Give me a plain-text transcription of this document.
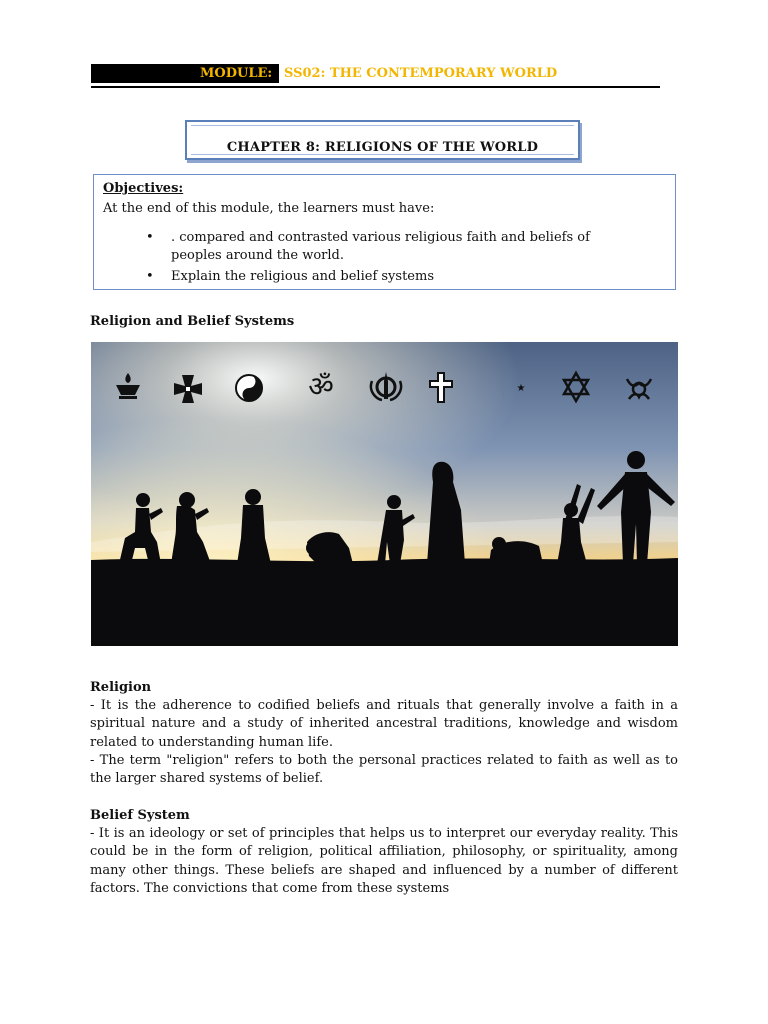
MODULE: SS02: THE CONTEMPORARY WORLD
CHAPTER 8: RELIGIONS OF THE WORLD
Objectives:
At the end of this module, the learners must have:
• . compared and contrasted various religious faith and beliefs of peoples around the world.
• Explain the religious and belief systems
Religion and Belief Systems
ॐ	★
Religion

- It is the adherence to codified beliefs and rituals that generally involve a faith in a spiritual nature and a study of inherited ancestral traditions, knowledge and wisdom related to understanding human life.

- The term "religion" refers to both the personal practices related to faith as well as to the larger shared systems of belief.

Belief System

- It is an ideology or set of principles that helps us to interpret our everyday reality. This could be in the form of religion, political affiliation, philosophy, or spirituality, among many other things. These beliefs are shaped and influenced by a number of different factors. The convictions that come from these systems
